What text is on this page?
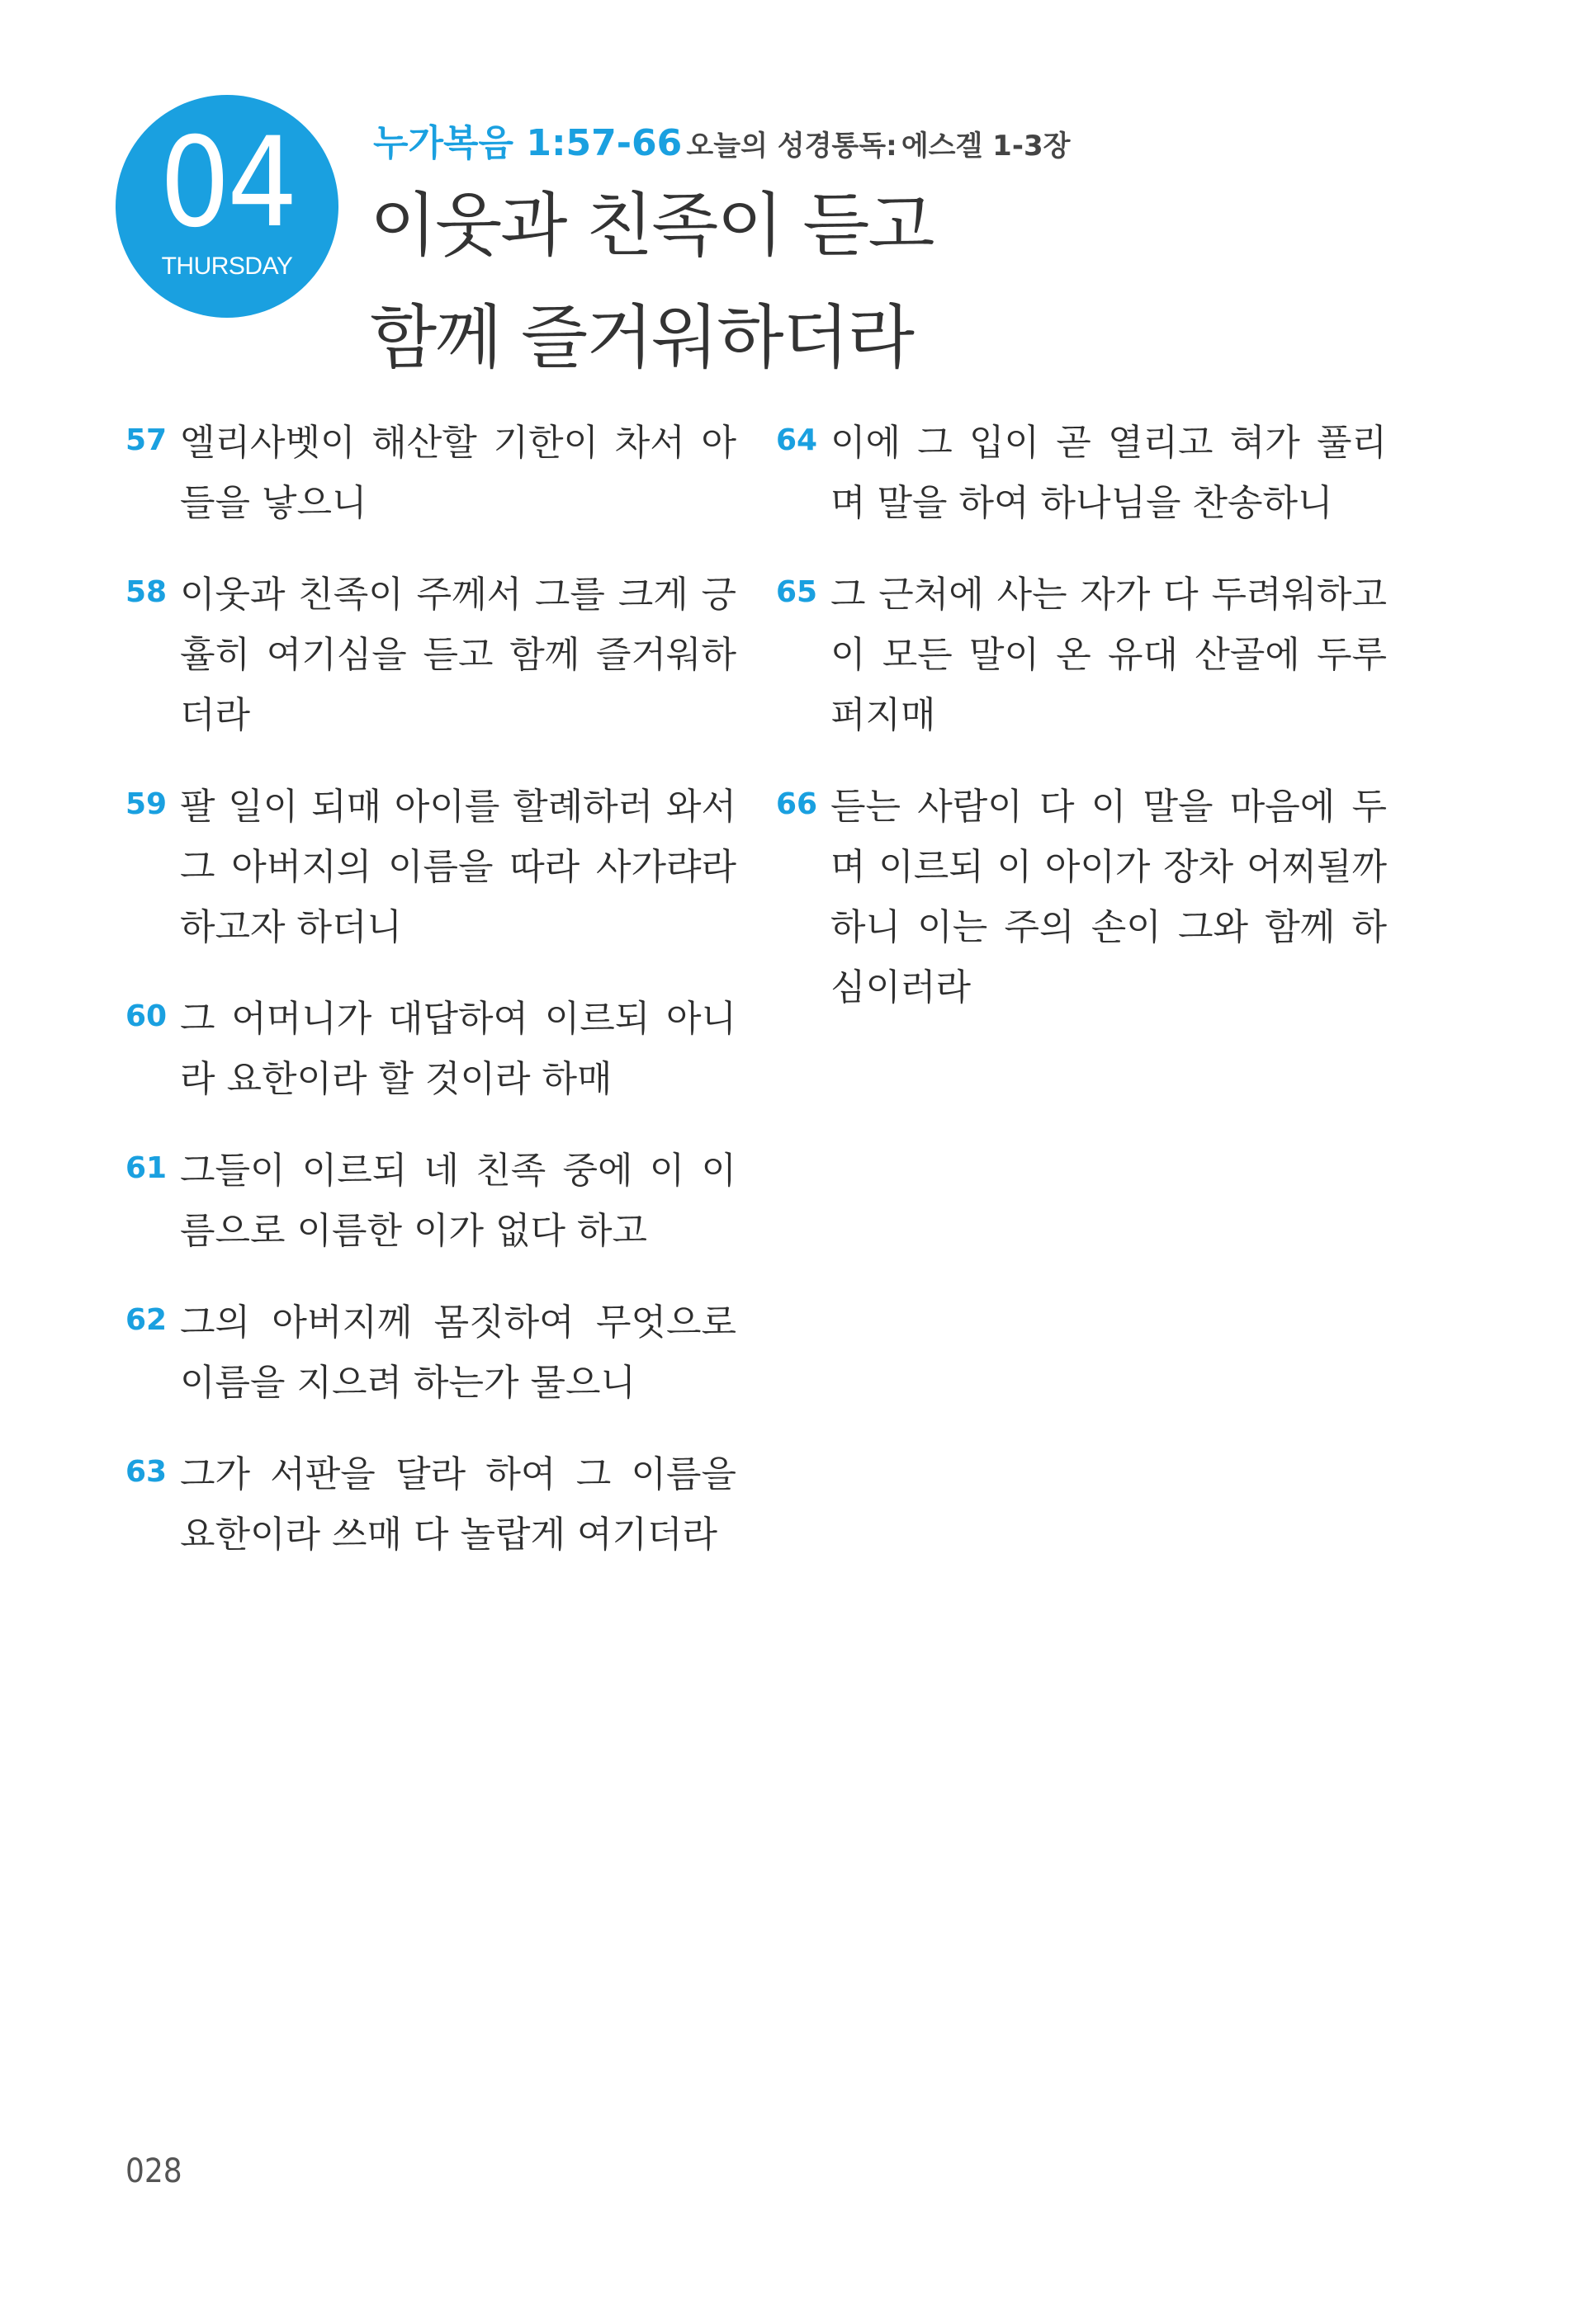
04
THURSDAY
누가복음 1:57-66 오늘의 성경통독: 에스겔 1-3장
이웃과 친족이 듣고
함께 즐거워하더라
57 엘리사벳이 해산할 기한이 차서 아들을 낳으니
58 이웃과 친족이 주께서 그를 크게 긍휼히 여기심을 듣고 함께 즐거워하더라
59 팔 일이 되매 아이를 할례하러 와서 그 아버지의 이름을 따라 사가랴라 하고자 하더니
60 그 어머니가 대답하여 이르되 아니라 요한이라 할 것이라 하매
61 그들이 이르되 네 친족 중에 이 이름으로 이름한 이가 없다 하고
62 그의 아버지께 몸짓하여 무엇으로 이름을 지으려 하는가 물으니
63 그가 서판을 달라 하여 그 이름을 요한이라 쓰매 다 놀랍게 여기더라
64 이에 그 입이 곧 열리고 혀가 풀리며 말을 하여 하나님을 찬송하니
65 그 근처에 사는 자가 다 두려워하고 이 모든 말이 온 유대 산골에 두루 퍼지매
66 듣는 사람이 다 이 말을 마음에 두며 이르되 이 아이가 장차 어찌될까 하니 이는 주의 손이 그와 함께 하심이러라
028
